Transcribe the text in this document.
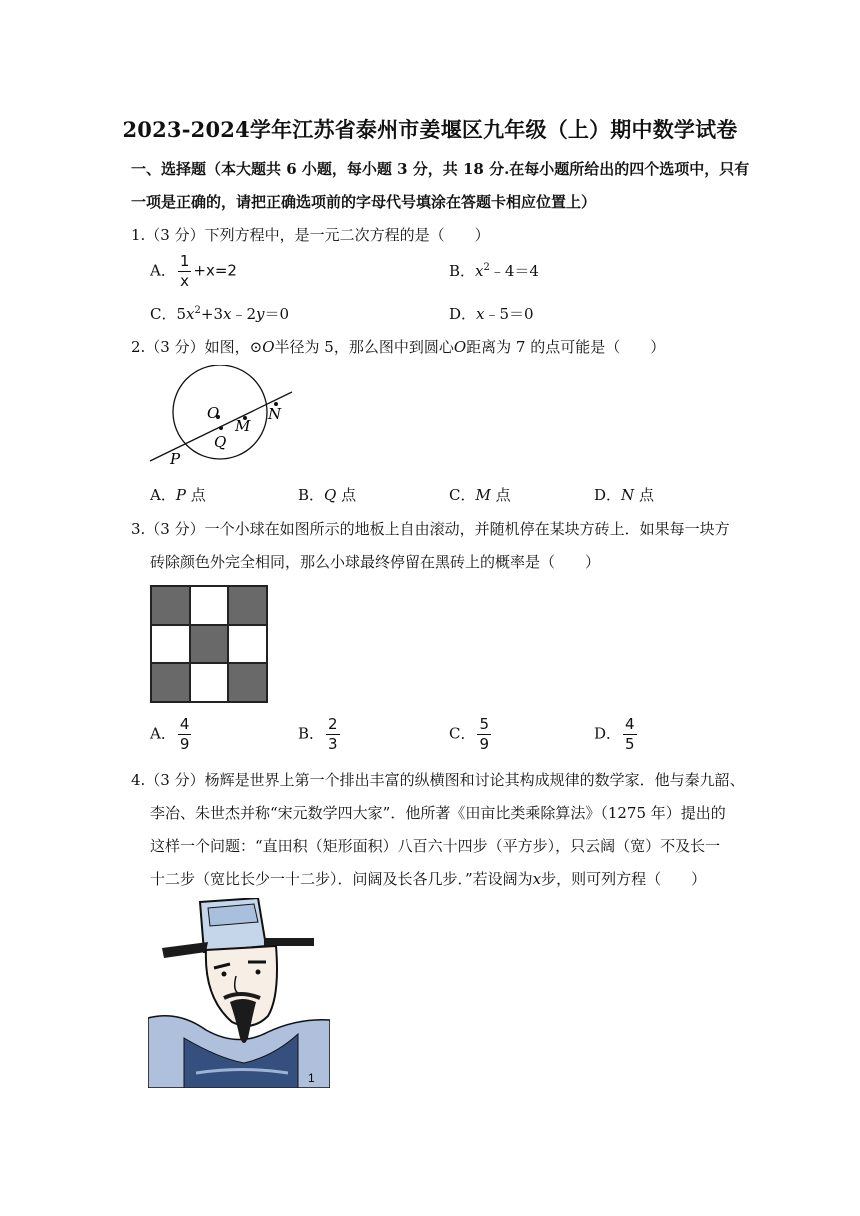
2023-2024学年江苏省泰州市姜堰区九年级（上）期中数学试卷
一、选择题（本大题共 6 小题，每小题 3 分，共 18 分.在每小题所给出的四个选项中，只有
一项是正确的，请把正确选项前的字母代号填涂在答题卡相应位置上）
1.（3 分）下列方程中，是一元二次方程的是（　　）
A． $\frac{1}{x} +x=2$	B．$x^2﹣4=4$
C．$5x^2+3x﹣2y=0$	D．x﹣5＝0
2.（3 分）如图，⊙O半径为 5，那么图中到圆心O距离为 7 的点可能是（　　）
O
Q
M
N
P
A．P 点	B．Q 点	C．M 点	D．N 点
3.（3 分）一个小球在如图所示的地板上自由滚动，并随机停在某块方砖上．如果每一块方
砖除颜色外完全相同，那么小球最终停留在黑砖上的概率是（　　）
A． $\frac{4}{9}$	B． $\frac{2}{3}$	C． $\frac{5}{9}$	D． $\frac{4}{5}$
4.（3 分）杨辉是世界上第一个排出丰富的纵横图和讨论其构成规律的数学家．他与秦九韶、
李冶、朱世杰并称“宋元数学四大家”．他所著《田亩比类乘除算法》（1275 年）提出的
这样一个问题：“直田积（矩形面积）八百六十四步（平方步），只云阔（宽）不及长一
十二步（宽比长少一十二步）．问阔及长各几步．”若设阔为x步，则可列方程（　　）
1
